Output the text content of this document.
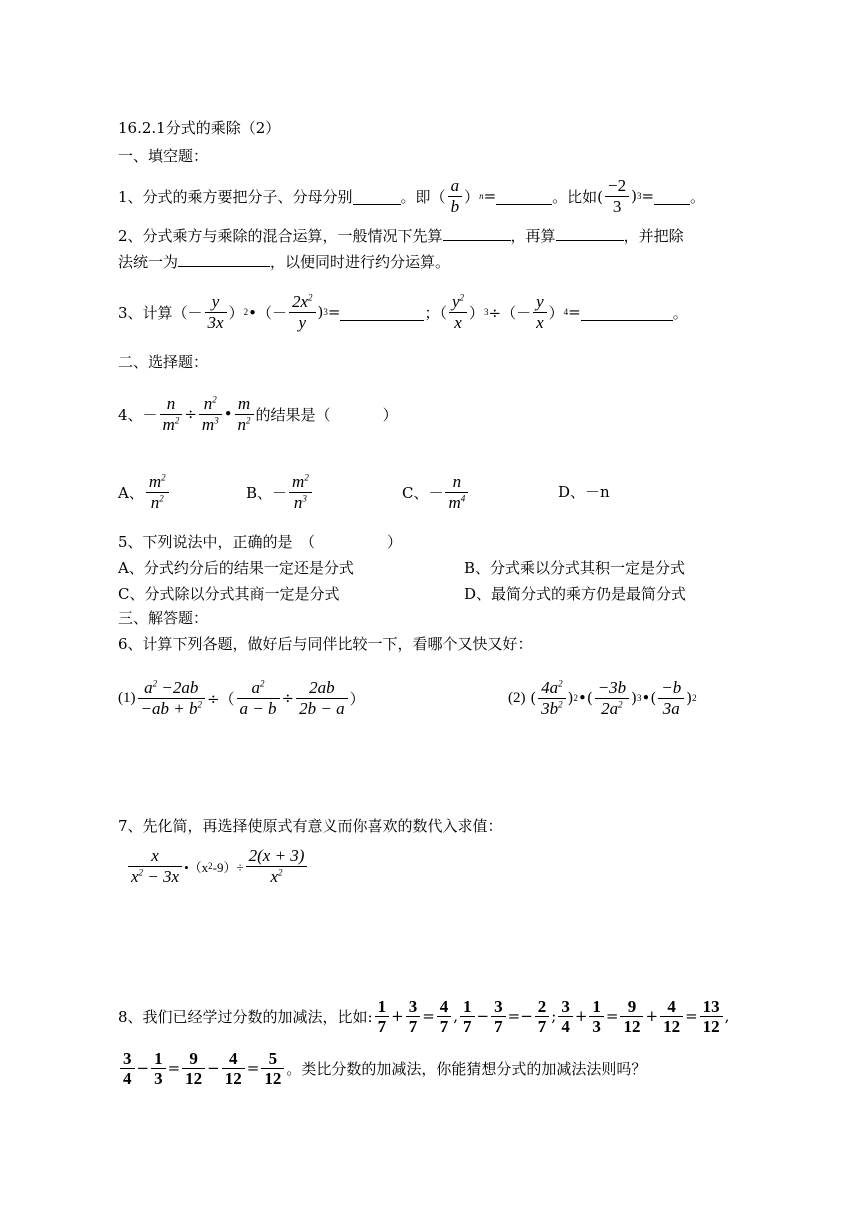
16.2.1分式的乘除（2）
一、填空题：
1、分式的乘方要把分子、分母分别	。即（ $\frac{a}{b}$ ） n =	。比如( $\frac{-2}{3}$ ) 3 = 。
2、分式乘方与乘除的混合运算，一般情况下先算	，再算	，并把除
法统一为	，以便同时进行约分运算。
3、计算（－ $\frac{y}{3x}$ ） 2 •（－ $\frac{2x^2}{y}$ ) 3 =	；（ $\frac{y^2}{x}$ ） 3 ÷（－ $\frac{y}{x}$ ） 4 =	。
二、选择题：
4、－ $\frac{n}{m^2} \div \frac{n^2}{m^3}$ • $\frac{m}{n^2}$ 的结果是（	）
A、 $\frac{m^2}{n^2}$	B、－ $\frac{m^2}{n^3}$	C、－ $\frac{n}{m^4}$	D、－n
5、下列说法中，正确的是　（	）
A、分式约分后的结果一定还是分式	B、分式乘以分式其积一定是分式
C、分式除以分式其商一定是分式	D、最简分式的乘方仍是最简分式
三、解答题：
6、计算下列各题，做好后与同伴比较一下，看哪个又快又好：
$(1) \frac{a^2 -2ab}{-ab + b^2}$ ÷（ $\frac{a^2}{a - b} \div \frac{2ab}{2b - a}$ ）	(2) ( $\frac{4a^2}{3b^2}$ ) 2 •( $\frac{-3b}{2a^2}$ ) 3 •( $\frac{-b}{3a}$ ) 2
7、先化简，再选择使原式有意义而你喜欢的数代入求值：
$\frac{x}{x^2 - 3x}$ •（x 2 $-9)\div \frac{2(x + 3)}{x^2}$
8、我们已经学过分数的加减法，比如: $\frac{1}{7} + \frac{3}{7} = \frac{4}{7}$ , $\frac{1}{7} - \frac{3}{7} =- \frac{2}{7}$ ; $\frac{3}{4} + \frac{1}{3} = \frac{9}{12} + \frac{4}{12} = \frac{13}{12}$ ,
$\frac{3}{4} - \frac{1}{3} = \frac{9}{12} - \frac{4}{12} = \frac{5}{12}$ 。类比分数的加减法，你能猜想分式的加减法法则吗？
